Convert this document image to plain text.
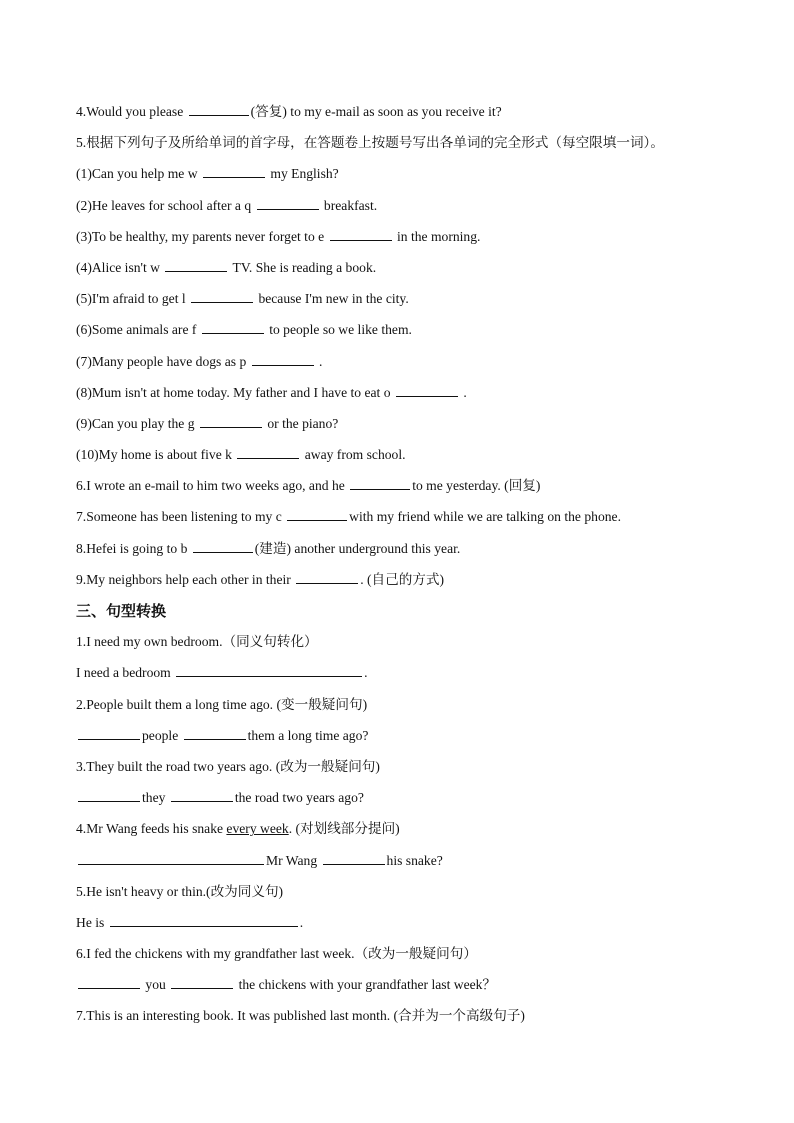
4.Would you please	(答复) to my e-mail as soon as you receive it?
5.根据下列句子及所给单词的首字母，在答题卷上按题号写出各单词的完全形式（每空限填一词）。
(1)Can you help me w	my English?
(2)He leaves for school after a q	breakfast.
(3)To be healthy, my parents never forget to e	in the morning.
(4)Alice isn't w	TV. She is reading a book.
(5)I'm afraid to get l	because I'm new in the city.
(6)Some animals are f	to people so we like them.
(7)Many people have dogs as p	.
(8)Mum isn't at home today. My father and I have to eat o	.
(9)Can you play the g	or the piano?
(10)My home is about five k	away from school.
6.I wrote an e-mail to him two weeks ago, and he	to me yesterday. (回复)
7.Someone has been listening to my c	with my friend while we are talking on the phone.
8.Hefei is going to b	(建造) another underground this year.
9.My neighbors help each other in their	. (自己的方式)
三、句型转换
1.I need my own bedroom.（同义句转化）
I need a bedroom	.
2.People built them a long time ago. (变一般疑问句)
people	them a long time ago?
3.They built the road two years ago. (改为一般疑问句)
they	the road two years ago?
4.Mr Wang feeds his snake every week. (对划线部分提问)
Mr Wang	his snake?
5.He isn't heavy or thin.(改为同义句)
He is	.
6.I fed the chickens with my grandfather last week.（改为一般疑问句）
you	the chickens with your grandfather last week？
7.This is an interesting book. It was published last month. (合并为一个高级句子)
